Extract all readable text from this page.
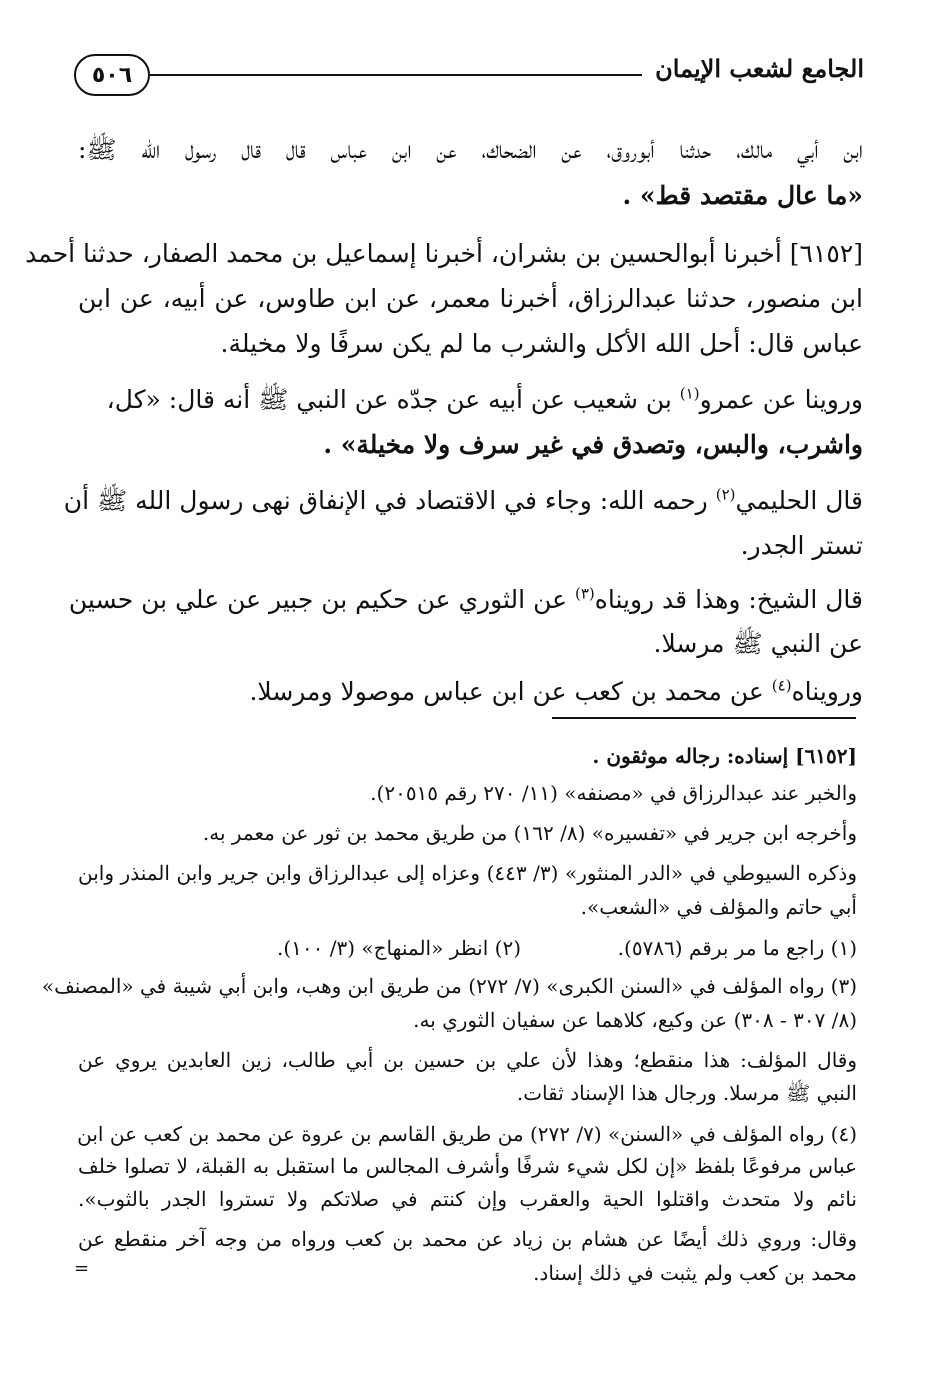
٥٠٦	الجامع لشعب الإيمان
ابن أبي مالك، حدثنا أبوروق، عن الضحاك، عن ابن عباس قال قال رسول الله ﷺ:
«ما عال مقتصد قط» .
[٦١٥٢] أخبرنا أبوالحسين بن بشران، أخبرنا إسماعيل بن محمد الصفار، حدثنا أحمد
ابن منصور، حدثنا عبدالرزاق، أخبرنا معمر، عن ابن طاوس، عن أبيه، عن ابن
عباس قال: أحل الله الأكل والشرب ما لم يكن سرفًا ولا مخيلة.
وروينا عن عمرو$^{(١)}$ بن شعيب عن أبيه عن جدّه عن النبي ﷺ أنه قال: «كل،
واشرب، والبس، وتصدق في غير سرف ولا مخيلة» .
قال الحليمي$^{(٢)}$ رحمه الله: وجاء في الاقتصاد في الإنفاق نهى رسول الله ﷺ أن
تستر الجدر.
قال الشيخ: وهذا قد رويناه$^{(٣)}$ عن الثوري عن حكيم بن جبير عن علي بن حسين
عن النبي ﷺ مرسلا.
ورويناه$^{(٤)}$ عن محمد بن كعب عن ابن عباس موصولا ومرسلا.
[٦١٥٢] إسناده: رجاله موثقون .
والخبر عند عبدالرزاق في «مصنفه» (١١/ ٢٧٠ رقم ٢٠٥١٥).
وأخرجه ابن جرير في «تفسيره» (٨/ ١٦٢) من طريق محمد بن ثور عن معمر به.
وذكره السيوطي في «الدر المنثور» (٣/ ٤٤٣) وعزاه إلى عبدالرزاق وابن جرير وابن المنذر وابن
أبي حاتم والمؤلف في «الشعب».
(١) راجع ما مر برقم (٥٧٨٦).
(٢) انظر «المنهاج» (٣/ ١٠٠).
(٣) رواه المؤلف في «السنن الكبرى» (٧/ ٢٧٢) من طريق ابن وهب، وابن أبي شيبة في «المصنف»
(٨/ ٣٠٧ - ٣٠٨) عن وكيع، كلاهما عن سفيان الثوري به.
وقال المؤلف: هذا منقطع؛ وهذا لأن علي بن حسين بن أبي طالب، زين العابدين يروي عن
النبي ﷺ مرسلا. ورجال هذا الإسناد ثقات.
(٤) رواه المؤلف في «السنن» (٧/ ٢٧٢) من طريق القاسم بن عروة عن محمد بن كعب عن ابن
عباس مرفوعًا بلفظ «إن لكل شيء شرفًا وأشرف المجالس ما استقبل به القبلة، لا تصلوا خلف
نائم ولا متحدث واقتلوا الحية والعقرب وإن كنتم في صلاتكم ولا تستروا الجدر بالثوب».
وقال: وروي ذلك أيضًا عن هشام بن زياد عن محمد بن كعب ورواه من وجه آخر منقطع عن
محمد بن كعب ولم يثبت في ذلك إسناد.
=
